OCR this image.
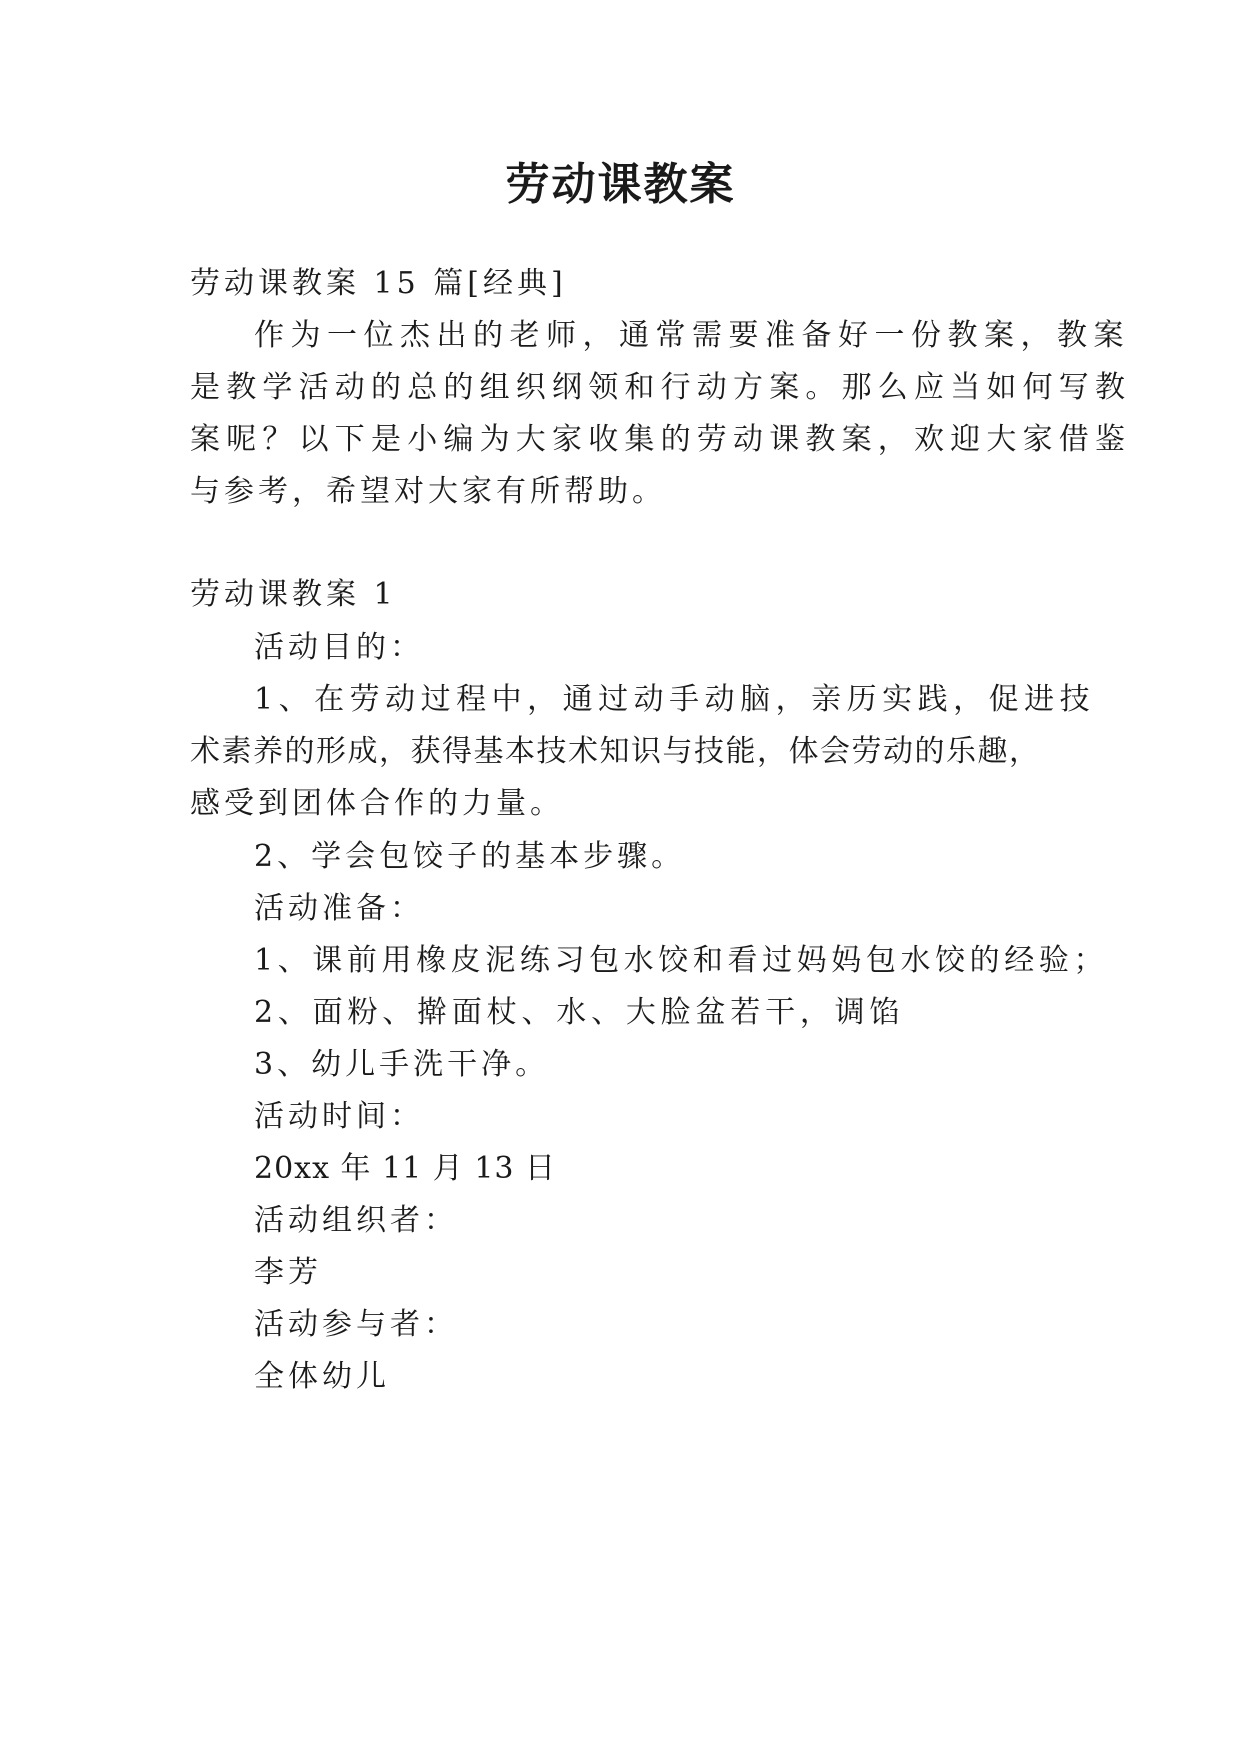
劳动课教案
劳动课教案 15 篇[经典]
作为一位杰出的老师，通常需要准备好一份教案，教案
是教学活动的总的组织纲领和行动方案。那么应当如何写教
案呢？以下是小编为大家收集的劳动课教案，欢迎大家借鉴
与参考，希望对大家有所帮助。
劳动课教案 1
活动目的：
1、在劳动过程中，通过动手动脑，亲历实践，促进技
术素养的形成，获得基本技术知识与技能，体会劳动的乐趣，
感受到团体合作的力量。
2、学会包饺子的基本步骤。
活动准备：
1、课前用橡皮泥练习包水饺和看过妈妈包水饺的经验；
2、面粉、擀面杖、水、大脸盆若干，调馅
3、幼儿手洗干净。
活动时间：
20xx 年 11 月 13 日
活动组织者：
李芳
活动参与者：
全体幼儿
